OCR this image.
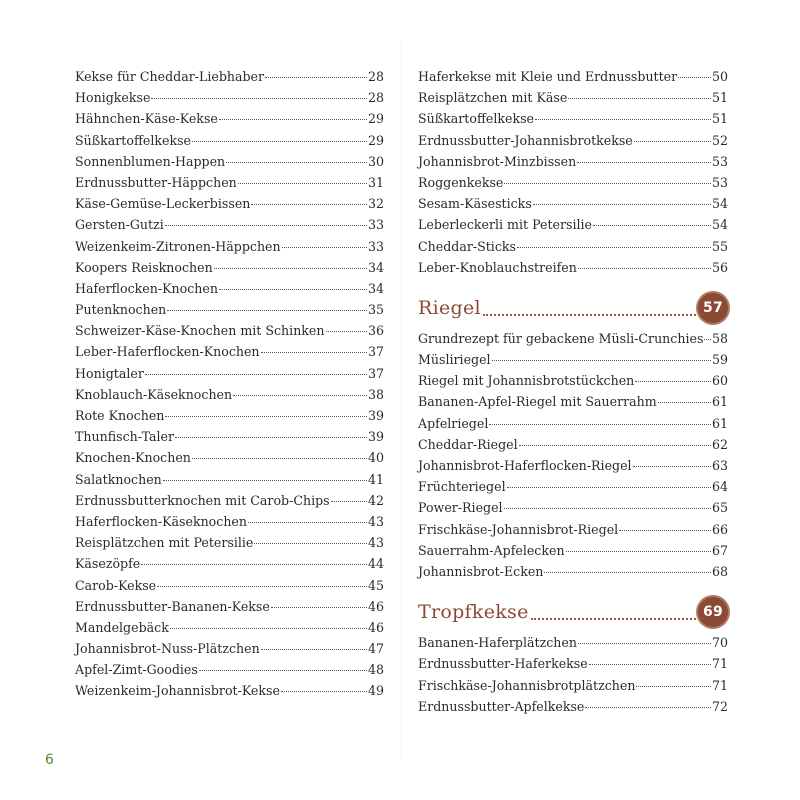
Kekse für Cheddar-Liebhaber	28
Honigkekse	28
Hähnchen-Käse-Kekse	29
Süßkartoffelkekse	29
Sonnenblumen-Happen	30
Erdnussbutter-Häppchen	31
Käse-Gemüse-Leckerbissen	32
Gersten-Gutzi	33
Weizenkeim-Zitronen-Häppchen	33
Koopers Reisknochen	34
Haferflocken-Knochen	34
Putenknochen	35
Schweizer-Käse-Knochen mit Schinken	36
Leber-Haferflocken-Knochen	37
Honigtaler	37
Knoblauch-Käseknochen	38
Rote Knochen	39
Thunfisch-Taler	39
Knochen-Knochen	40
Salatknochen	41
Erdnussbutterknochen mit Carob-Chips	42
Haferflocken-Käseknochen	43
Reisplätzchen mit Petersilie	43
Käsezöpfe	44
Carob-Kekse	45
Erdnussbutter-Bananen-Kekse	46
Mandelgebäck	46
Johannisbrot-Nuss-Plätzchen	47
Apfel-Zimt-Goodies	48
Weizenkeim-Johannisbrot-Kekse	49
Haferkekse mit Kleie und Erdnussbutter	50
Reisplätzchen mit Käse	51
Süßkartoffelkekse	51
Erdnussbutter-Johannisbrotkekse	52
Johannisbrot-Minzbissen	53
Roggenkekse	53
Sesam-Käsesticks	54
Leberleckerli mit Petersilie	54
Cheddar-Sticks	55
Leber-Knoblauchstreifen	56
Riegel	57
Grundrezept für gebackene Müsli-Crunchies 58
Müsliriegel	59
Riegel mit Johannisbrotstückchen	60
Bananen-Apfel-Riegel mit Sauerrahm	61
Apfelriegel	61
Cheddar-Riegel	62
Johannisbrot-Haferflocken-Riegel	63
Früchteriegel	64
Power-Riegel	65
Frischkäse-Johannisbrot-Riegel	66
Sauerrahm-Apfelecken	67
Johannisbrot-Ecken	68
Tropfkekse	69
Bananen-Haferplätzchen	70
Erdnussbutter-Haferkekse	71
Frischkäse-Johannisbrotplätzchen	71
Erdnussbutter-Apfelkekse	72
6
